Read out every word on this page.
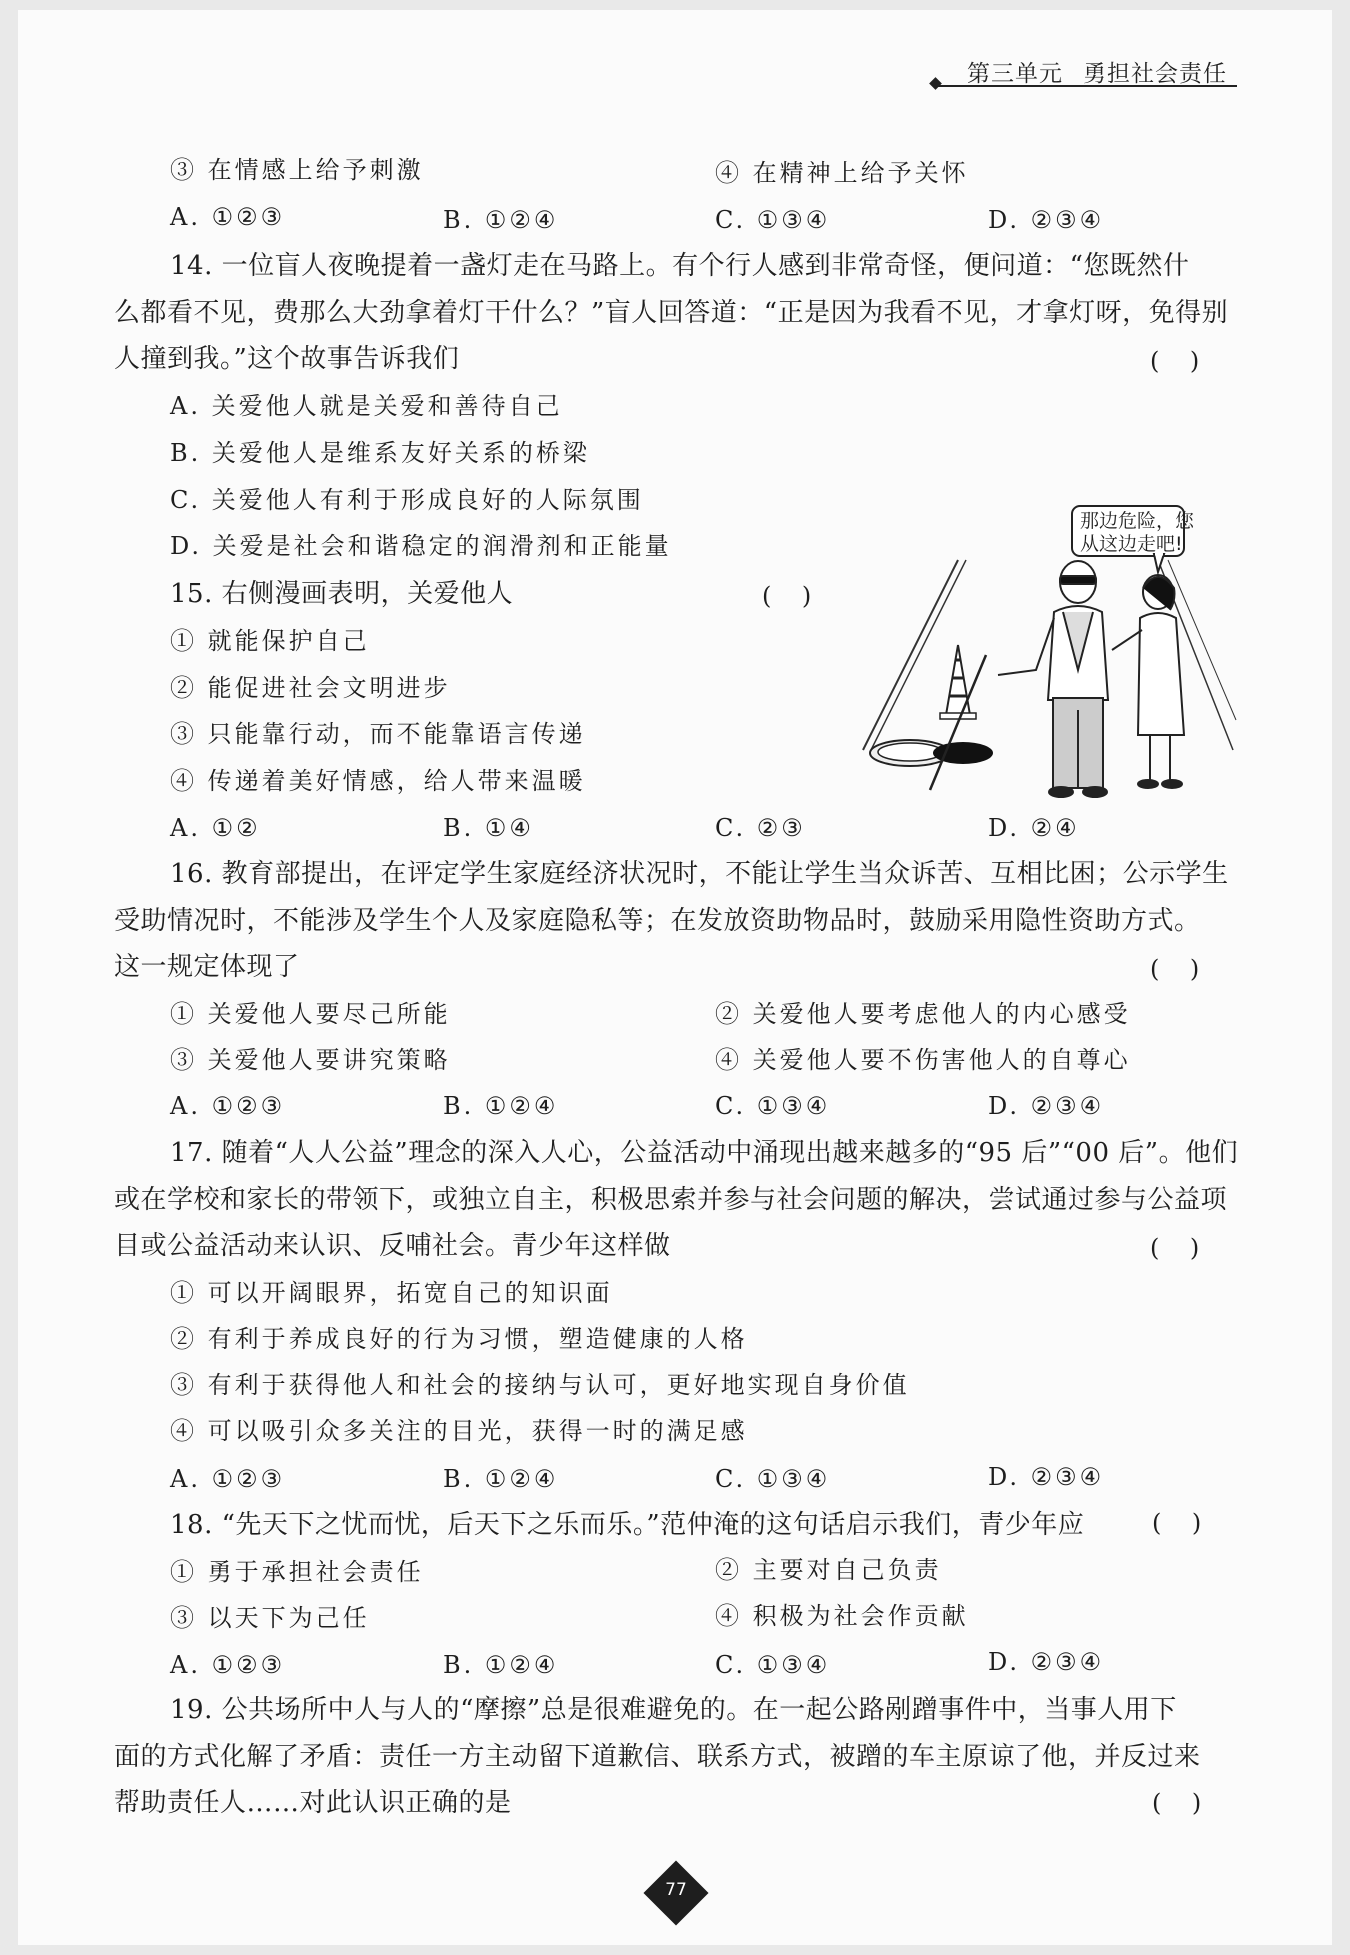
第三单元 勇担社会责任
③ 在情感上给予刺激	④ 在精神上给予关怀
A. ①②③	B. ①②④	C. ①③④	D. ②③④
14. 一位盲人夜晚提着一盏灯走在马路上。有个行人感到非常奇怪，便问道：“您既然什
么都看不见，费那么大劲拿着灯干什么？”盲人回答道：“正是因为我看不见，才拿灯呀，免得别
人撞到我。”这个故事告诉我们	(    )
A. 关爱他人就是关爱和善待自己
B. 关爱他人是维系友好关系的桥梁
C. 关爱他人有利于形成良好的人际氛围
D. 关爱是社会和谐稳定的润滑剂和正能量
15. 右侧漫画表明，关爱他人	(    )
① 就能保护自己
② 能促进社会文明进步
③ 只能靠行动，而不能靠语言传递
④ 传递着美好情感，给人带来温暖
A. ①②	B. ①④	C. ②③	D. ②④
那边危险，您
从这边走吧!
16. 教育部提出，在评定学生家庭经济状况时，不能让学生当众诉苦、互相比困；公示学生
受助情况时，不能涉及学生个人及家庭隐私等；在发放资助物品时，鼓励采用隐性资助方式。
这一规定体现了	(    )
① 关爱他人要尽己所能	② 关爱他人要考虑他人的内心感受
③ 关爱他人要讲究策略	④ 关爱他人要不伤害他人的自尊心
A. ①②③	B. ①②④	C. ①③④	D. ②③④
17. 随着“人人公益”理念的深入人心，公益活动中涌现出越来越多的“95 后”“00 后”。他们
或在学校和家长的带领下，或独立自主，积极思索并参与社会问题的解决，尝试通过参与公益项
目或公益活动来认识、反哺社会。青少年这样做	(    )
① 可以开阔眼界，拓宽自己的知识面
② 有利于养成良好的行为习惯，塑造健康的人格
③ 有利于获得他人和社会的接纳与认可，更好地实现自身价值
④ 可以吸引众多关注的目光，获得一时的满足感
A. ①②③	B. ①②④	C. ①③④	D. ②③④
18. “先天下之忧而忧，后天下之乐而乐。”范仲淹的这句话启示我们，青少年应	(    )
① 勇于承担社会责任	② 主要对自己负责
③ 以天下为己任	④ 积极为社会作贡献
A. ①②③	B. ①②④	C. ①③④	D. ②③④
19. 公共场所中人与人的“摩擦”总是很难避免的。在一起公路剐蹭事件中，当事人用下
面的方式化解了矛盾：责任一方主动留下道歉信、联系方式，被蹭的车主原谅了他，并反过来
帮助责任人……对此认识正确的是	(    )
77
